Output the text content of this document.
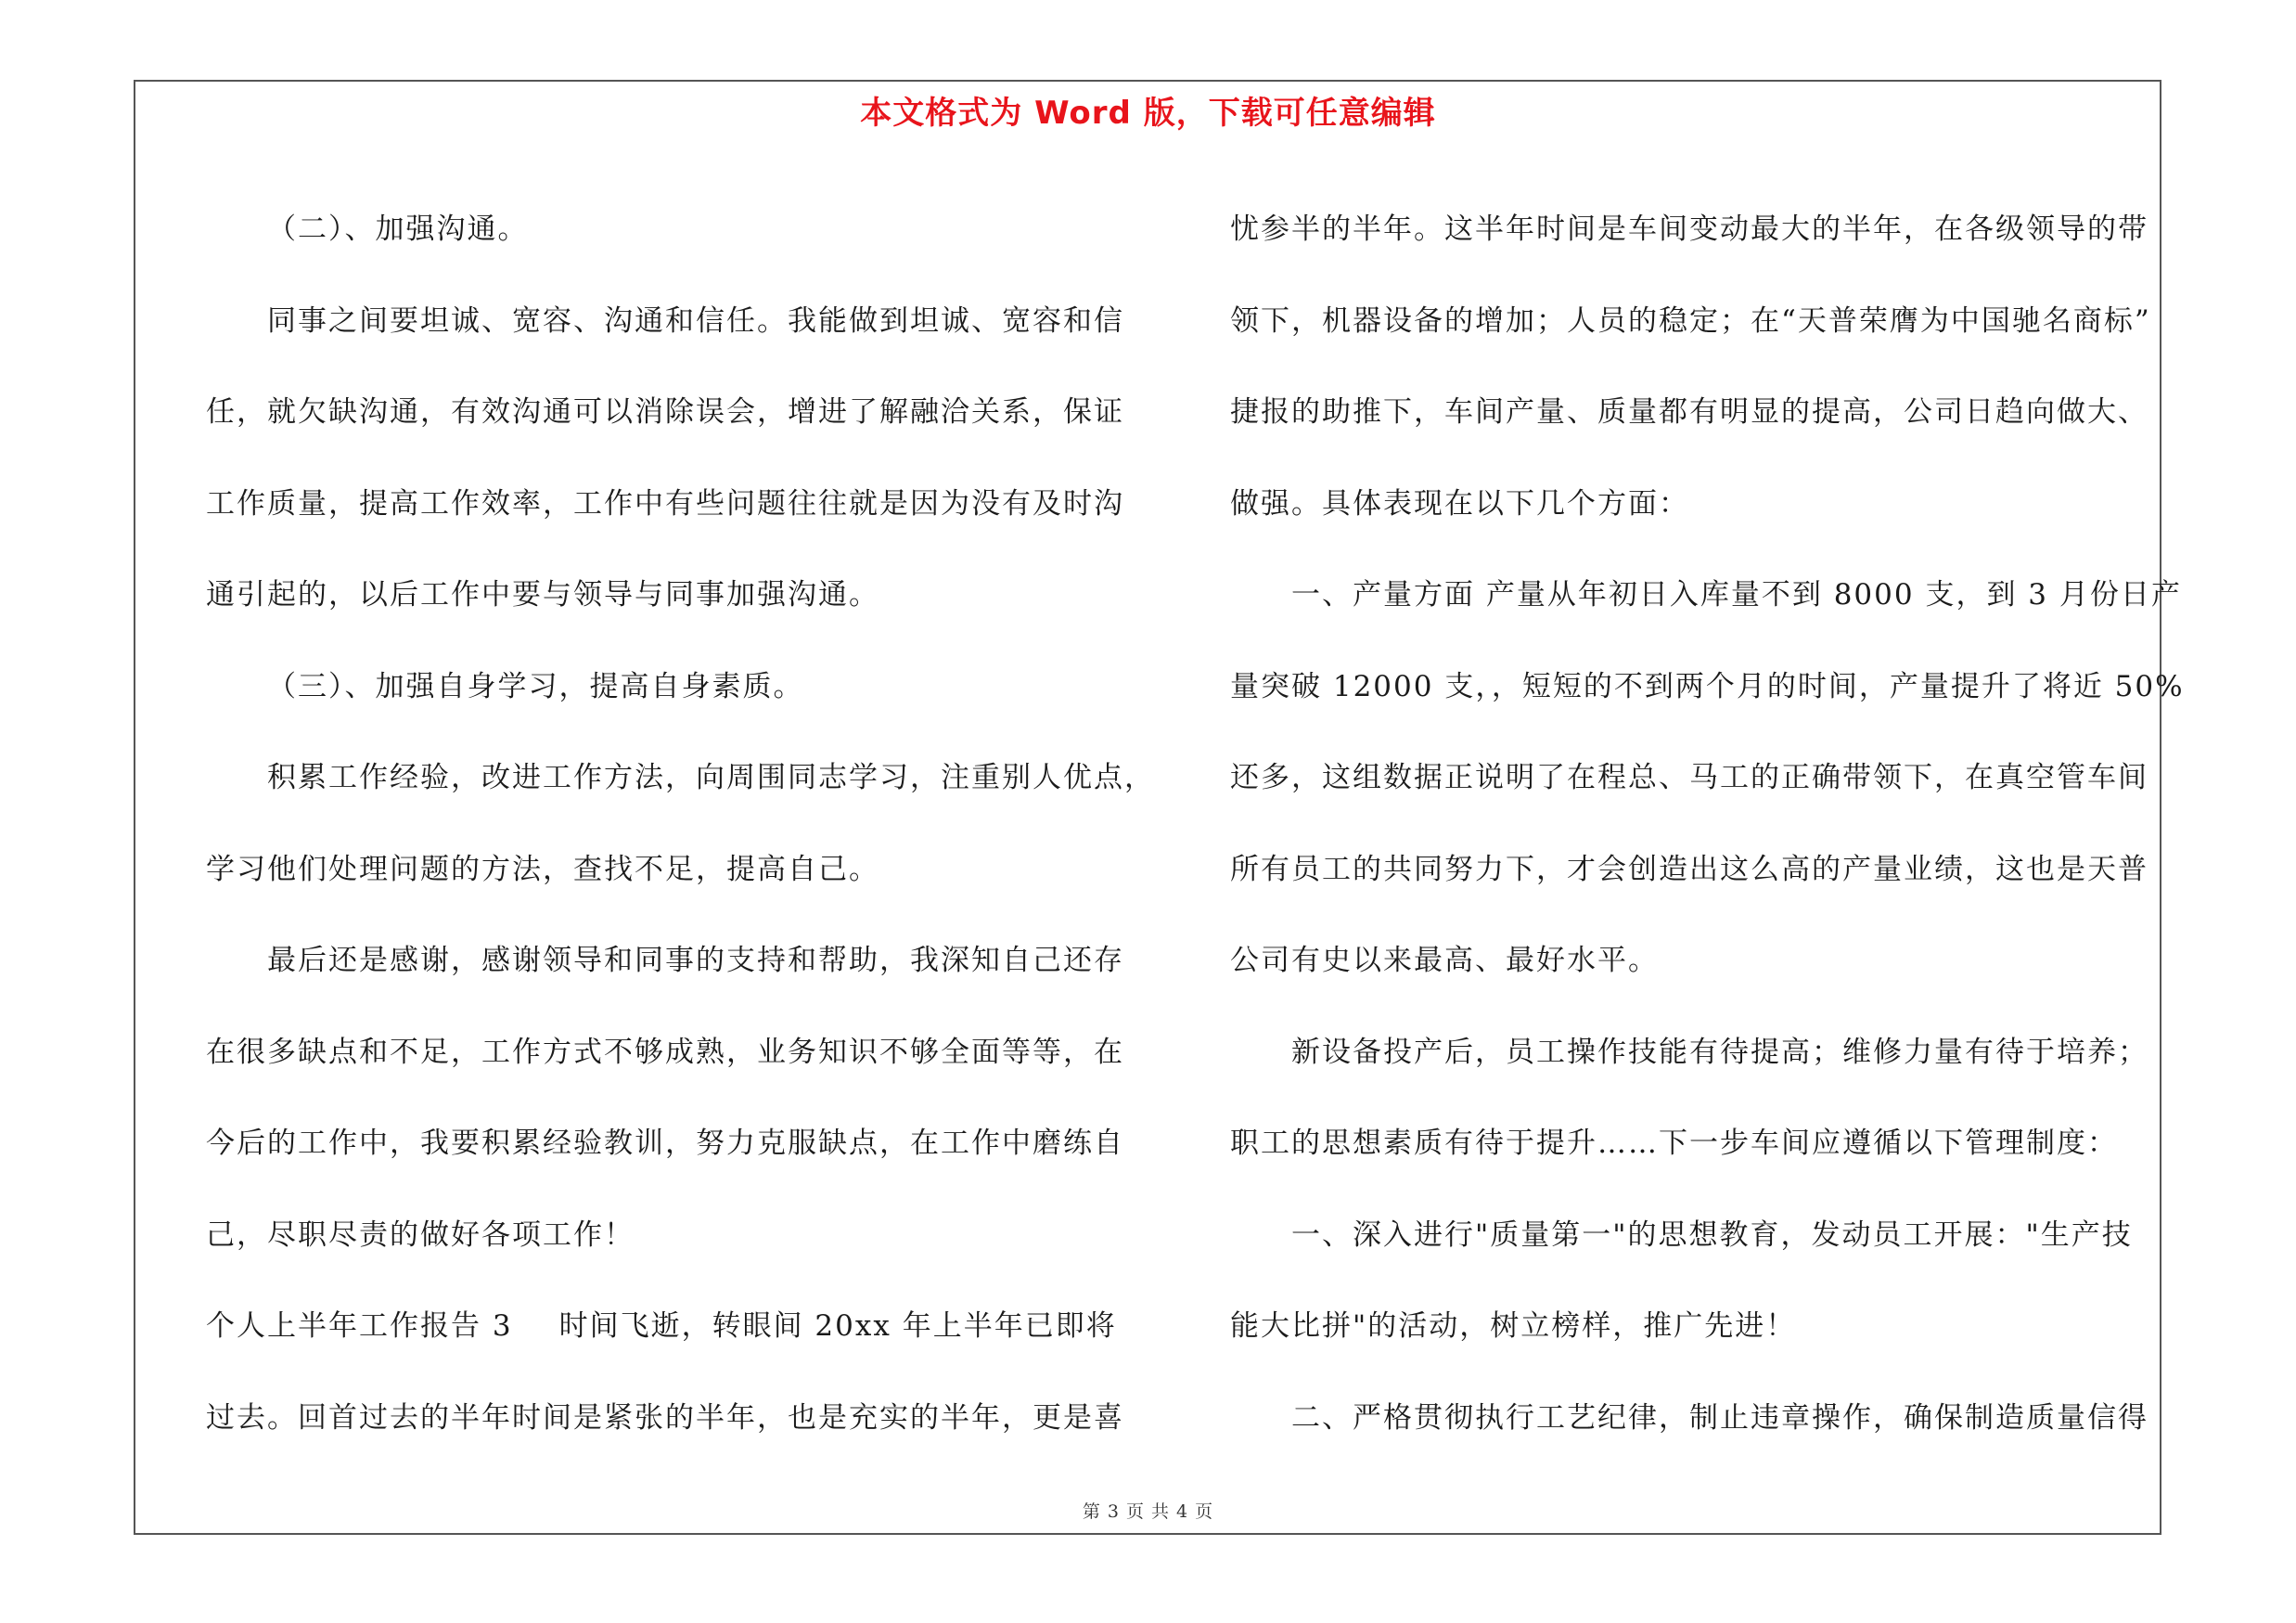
本文格式为 Word 版，下载可任意编辑
（二）、加强沟通。
同事之间要坦诚、宽容、沟通和信任。我能做到坦诚、宽容和信
任，就欠缺沟通，有效沟通可以消除误会，增进了解融洽关系，保证
工作质量，提高工作效率，工作中有些问题往往就是因为没有及时沟
通引起的，以后工作中要与领导与同事加强沟通。
（三）、加强自身学习，提高自身素质。
积累工作经验，改进工作方法，向周围同志学习，注重别人优点，
学习他们处理问题的方法，查找不足，提高自己。
最后还是感谢，感谢领导和同事的支持和帮助，我深知自己还存
在很多缺点和不足，工作方式不够成熟，业务知识不够全面等等，在
今后的工作中，我要积累经验教训，努力克服缺点，在工作中磨练自
己，尽职尽责的做好各项工作！
个人上半年工作报告 3 时间飞逝，转眼间 20xx 年上半年已即将
过去。回首过去的半年时间是紧张的半年，也是充实的半年，更是喜
忧参半的半年。这半年时间是车间变动最大的半年，在各级领导的带
领下，机器设备的增加；人员的稳定；在“天普荣膺为中国驰名商标”
捷报的助推下，车间产量、质量都有明显的提高，公司日趋向做大、
做强。具体表现在以下几个方面：
一、产量方面 产量从年初日入库量不到 8000 支，到 3 月份日产
量突破 12000 支，，短短的不到两个月的时间，产量提升了将近 50%
还多，这组数据正说明了在程总、马工的正确带领下，在真空管车间
所有员工的共同努力下，才会创造出这么高的产量业绩，这也是天普
公司有史以来最高、最好水平。
新设备投产后，员工操作技能有待提高；维修力量有待于培养；
职工的思想素质有待于提升……下一步车间应遵循以下管理制度：
一、深入进行"质量第一"的思想教育，发动员工开展："生产技
能大比拼"的活动，树立榜样，推广先进！
二、严格贯彻执行工艺纪律，制止违章操作，确保制造质量信得
第 3 页 共 4 页
